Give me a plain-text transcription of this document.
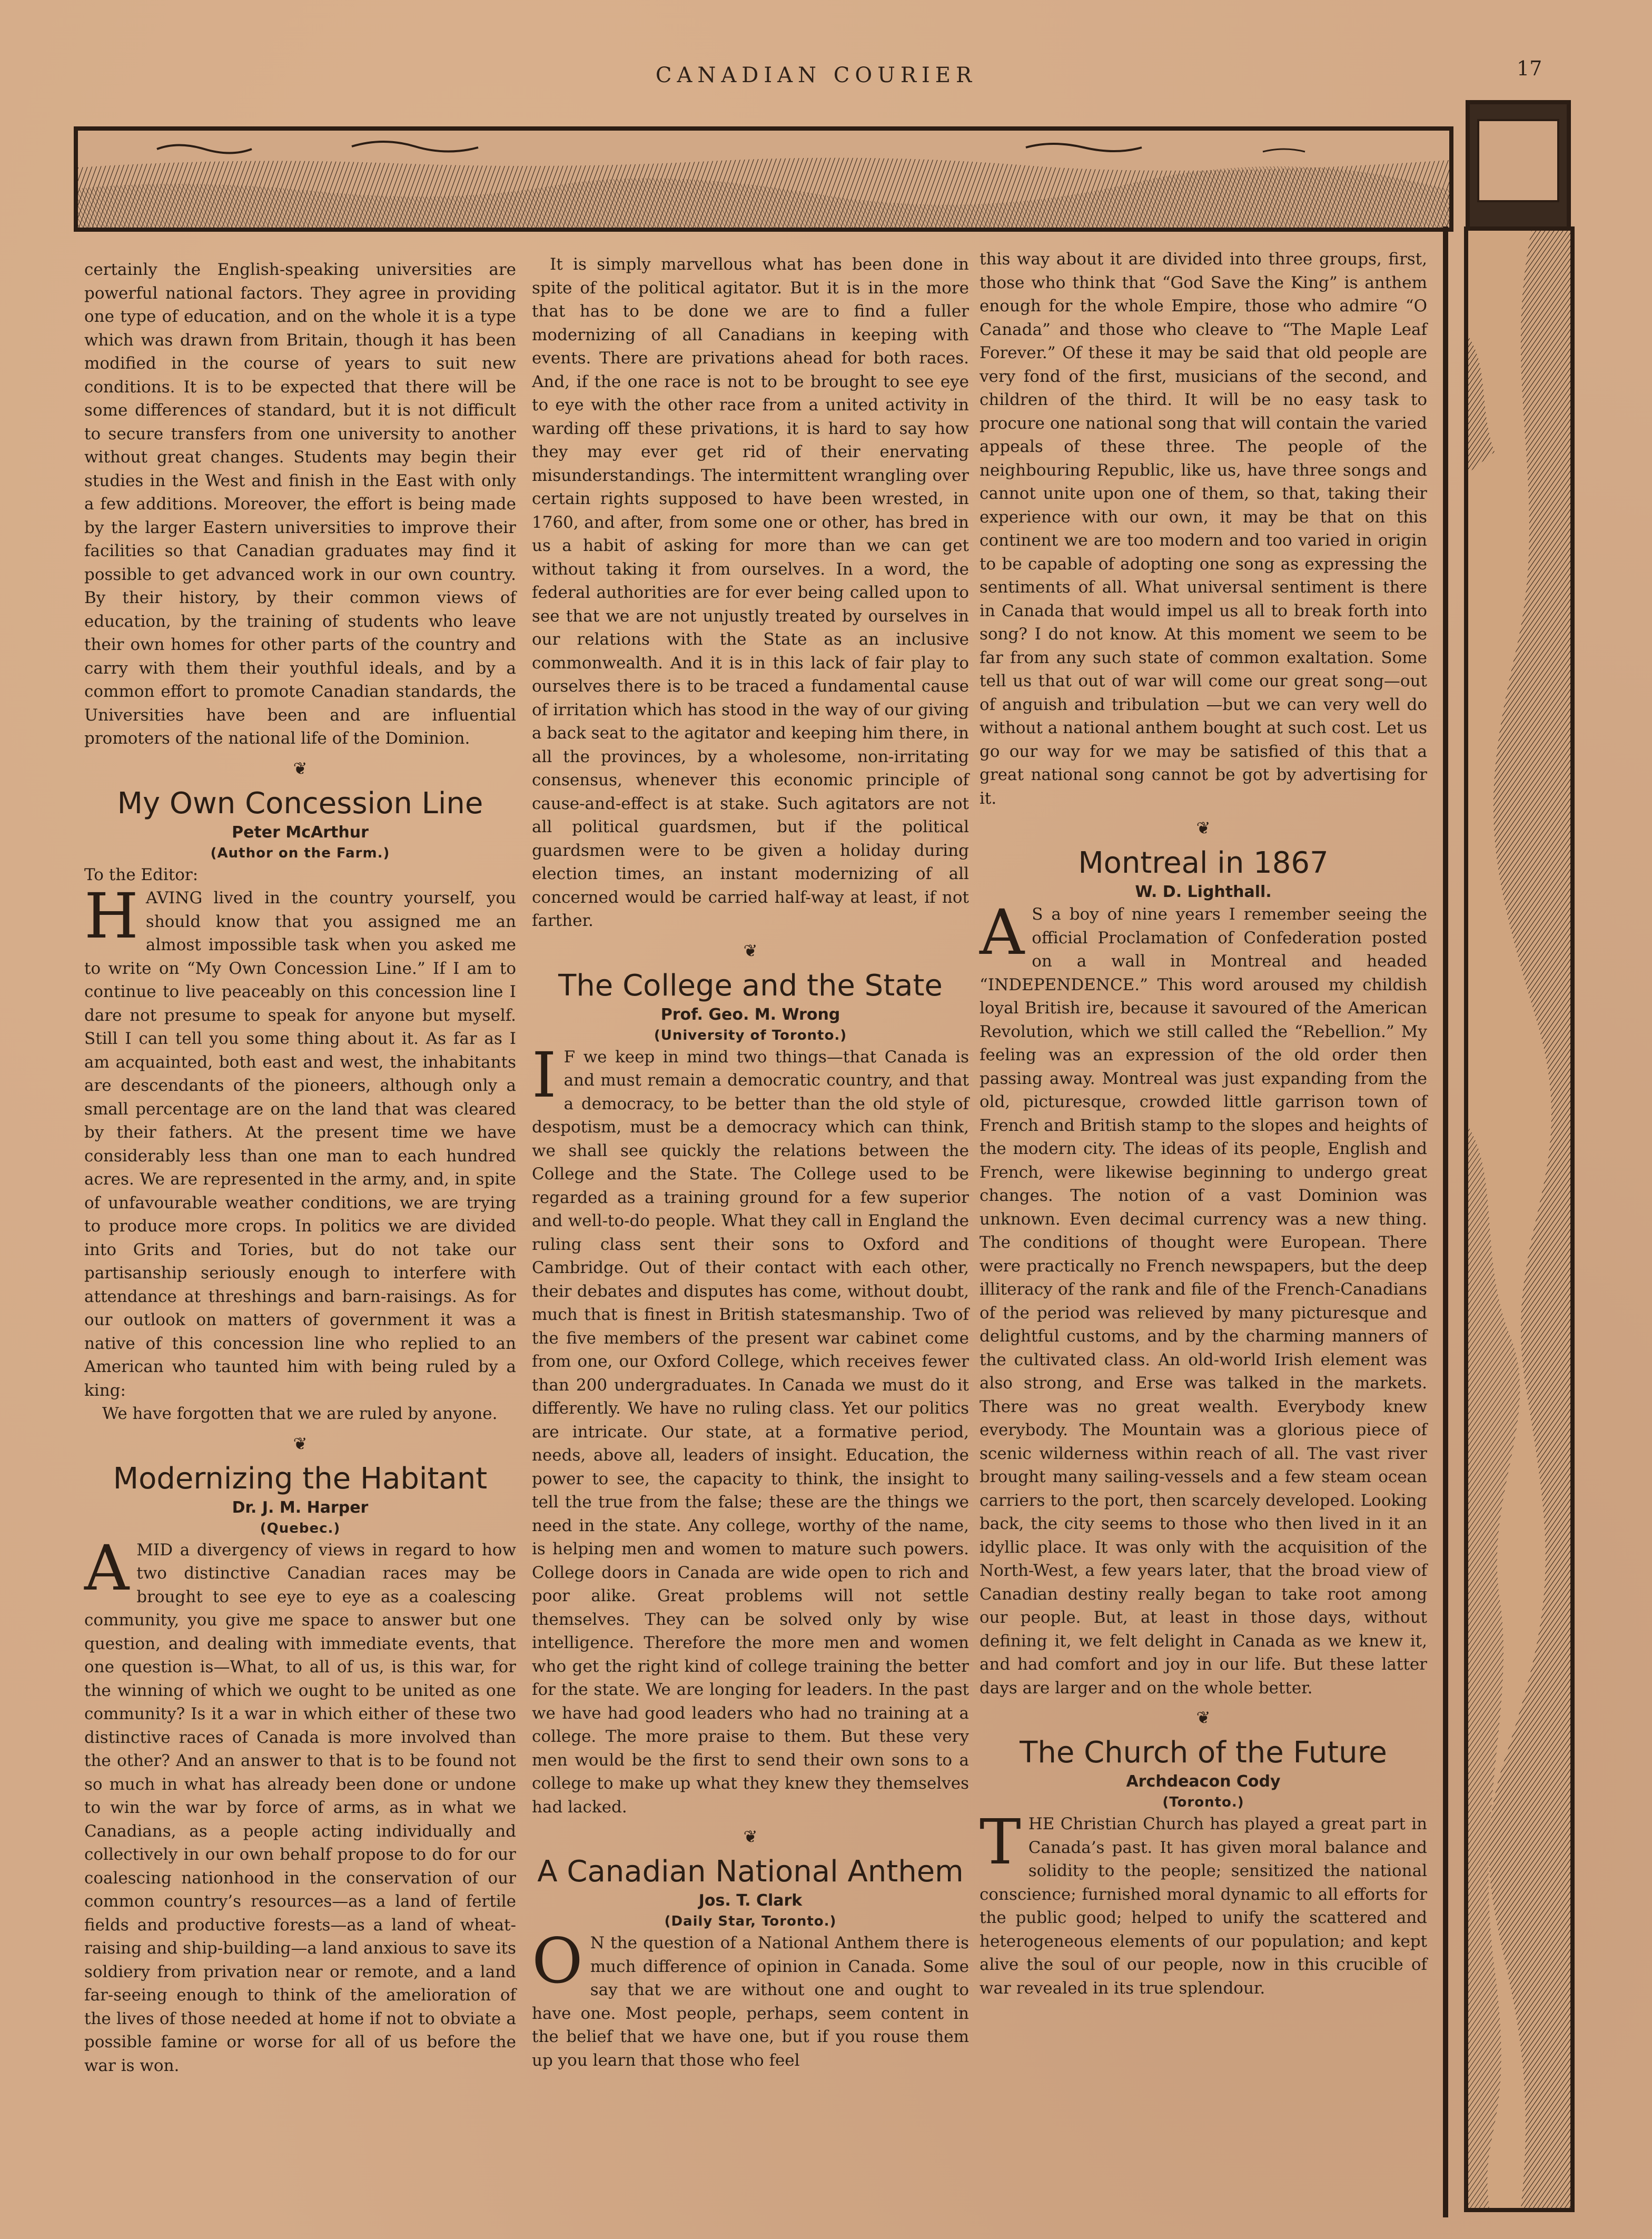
CANADIAN COURIER	17

certainly the English-speaking universities are powerful national factors. They agree in providing one type of education, and on the whole it is a type which was drawn from Britain, though it has been modified in the course of years to suit new conditions. It is to be expected that there will be some differences of standard, but it is not difficult to secure transfers from one university to another without great changes. Students may begin their studies in the West and finish in the East with only a few additions. Moreover, the effort is being made by the larger Eastern universities to improve their facilities so that Canadian graduates may find it possible to get advanced work in our own country. By their history, by their common views of education, by the training of students who leave their own homes for other parts of the country and carry with them their youthful ideals, and by a common effort to promote Canadian standards, the Universities have been and are influential promoters of the national life of the Dominion.

❦
My Own Concession Line

Peter McArthur

(Author on the Farm.)

To the Editor:

HAVING lived in the country yourself, you should know that you assigned me an almost impossible task when you asked me to write on “My Own Concession Line.” If I am to continue to live peaceably on this concession line I dare not presume to speak for anyone but myself. Still I can tell you some thing about it. As far as I am acquainted, both east and west, the inhabitants are descendants of the pioneers, although only a small percentage are on the land that was cleared by their fathers. At the present time we have considerably less than one man to each hundred acres. We are represented in the army, and, in spite of unfavourable weather conditions, we are trying to produce more crops. In politics we are divided into Grits and Tories, but do not take our partisanship seriously enough to interfere with attendance at threshings and barn-raisings. As for our outlook on matters of government it was a native of this concession line who replied to an American who taunted him with being ruled by a king:

We have forgotten that we are ruled by anyone.

❦
Modernizing the Habitant

Dr. J. M. Harper

(Quebec.)

AMID a divergency of views in regard to how two distinctive Canadian races may be brought to see eye to eye as a coalescing community, you give me space to answer but one question, and dealing with immediate events, that one question is—What, to all of us, is this war, for the winning of which we ought to be united as one community? Is it a war in which either of these two distinctive races of Canada is more involved than the other? And an answer to that is to be found not so much in what has already been done or undone to win the war by force of arms, as in what we Canadians, as a people acting individually and collectively in our own behalf propose to do for our coalescing nationhood in the conservation of our common country’s resources—as a land of fertile fields and productive forests—as a land of wheat-raising and ship-building—a land anxious to save its soldiery from privation near or remote, and a land far-seeing enough to think of the amelioration of the lives of those needed at home if not to obviate a possible famine or worse for all of us before the war is won.

It is simply marvellous what has been done in spite of the political agitator. But it is in the more that has to be done we are to find a fuller modernizing of all Canadians in keeping with events. There are privations ahead for both races. And, if the one race is not to be brought to see eye to eye with the other race from a united activity in warding off these privations, it is hard to say how they may ever get rid of their enervating misunderstandings. The intermittent wrangling over certain rights supposed to have been wrested, in 1760, and after, from some one or other, has bred in us a habit of asking for more than we can get without taking it from ourselves. In a word, the federal authorities are for ever being called upon to see that we are not unjustly treated by ourselves in our relations with the State as an inclusive commonwealth. And it is in this lack of fair play to ourselves there is to be traced a fundamental cause of irritation which has stood in the way of our giving a back seat to the agitator and keeping him there, in all the provinces, by a wholesome, non-irritating consensus, whenever this economic principle of cause-and-effect is at stake. Such agitators are not all political guardsmen, but if the political guardsmen were to be given a holiday during election times, an instant modernizing of all concerned would be carried half-way at least, if not farther.

❦
The College and the State

Prof. Geo. M. Wrong

(University of Toronto.)

I F we keep in mind two things—that Canada is and must remain a democratic country, and that a democracy, to be better than the old style of despotism, must be a democracy which can think, we shall see quickly the relations between the College and the State. The College used to be regarded as a training ground for a few superior and well-to-do people. What they call in England the ruling class sent their sons to Oxford and Cambridge. Out of their contact with each other, their debates and disputes has come, without doubt, much that is finest in British statesmanship. Two of the five members of the present war cabinet come from one, our Oxford College, which receives fewer than 200 undergraduates. In Canada we must do it differently. We have no ruling class. Yet our politics are intricate. Our state, at a formative period, needs, above all, leaders of insight. Education, the power to see, the capacity to think, the insight to tell the true from the false; these are the things we need in the state. Any college, worthy of the name, is helping men and women to mature such powers. College doors in Canada are wide open to rich and poor alike. Great problems will not settle themselves. They can be solved only by wise intelligence. Therefore the more men and women who get the right kind of college training the better for the state. We are longing for leaders. In the past we have had good leaders who had no training at a college. The more praise to them. But these very men would be the first to send their own sons to a college to make up what they knew they themselves had lacked.

❦
A Canadian National Anthem

Jos. T. Clark

(Daily Star, Toronto.)

O N the question of a National Anthem there is much difference of opinion in Canada. Some say that we are without one and ought to have one. Most people, perhaps, seem content in the belief that we have one, but if you rouse them up you learn that those who feel

this way about it are divided into three groups, first, those who think that “God Save the King” is anthem enough for the whole Empire, those who admire “O Canada” and those who cleave to “The Maple Leaf Forever.” Of these it may be said that old people are very fond of the first, musicians of the second, and children of the third. It will be no easy task to procure one national song that will contain the varied appeals of these three. The people of the neighbouring Republic, like us, have three songs and cannot unite upon one of them, so that, taking their experience with our own, it may be that on this continent we are too modern and too varied in origin to be capable of adopting one song as expressing the sentiments of all. What universal sentiment is there in Canada that would impel us all to break forth into song? I do not know. At this moment we seem to be far from any such state of common exaltation. Some tell us that out of war will come our great song—out of anguish and tribulation —but we can very well do without a national anthem bought at such cost. Let us go our way for we may be satisfied of this that a great national song cannot be got by advertising for it.

❦
Montreal in 1867

W. D. Lighthall.

A S a boy of nine years I remember seeing the official Proclamation of Confederation posted on a wall in Montreal and headed “INDEPENDENCE.” This word aroused my childish loyal British ire, because it savoured of the American Revolution, which we still called the “Rebellion.” My feeling was an expression of the old order then passing away. Montreal was just expanding from the old, picturesque, crowded little garrison town of French and British stamp to the slopes and heights of the modern city. The ideas of its people, English and French, were likewise beginning to undergo great changes. The notion of a vast Dominion was unknown. Even decimal currency was a new thing. The conditions of thought were European. There were practically no French newspapers, but the deep illiteracy of the rank and file of the French-Canadians of the period was relieved by many picturesque and delightful customs, and by the charming manners of the cultivated class. An old-world Irish element was also strong, and Erse was talked in the markets. There was no great wealth. Everybody knew everybody. The Mountain was a glorious piece of scenic wilderness within reach of all. The vast river brought many sailing-vessels and a few steam ocean carriers to the port, then scarcely developed. Looking back, the city seems to those who then lived in it an idyllic place. It was only with the acquisition of the North-West, a few years later, that the broad view of Canadian destiny really began to take root among our people. But, at least in those days, without defining it, we felt delight in Canada as we knew it, and had comfort and joy in our life. But these latter days are larger and on the whole better.

❦
The Church of the Future

Archdeacon Cody

(Toronto.)

THE Christian Church has played a great part in Canada’s past. It has given moral balance and solidity to the people; sensitized the national conscience; furnished moral dynamic to all efforts for the public good; helped to unify the scattered and heterogeneous elements of our population; and kept alive the soul of our people, now in this crucible of war revealed in its true splendour.
